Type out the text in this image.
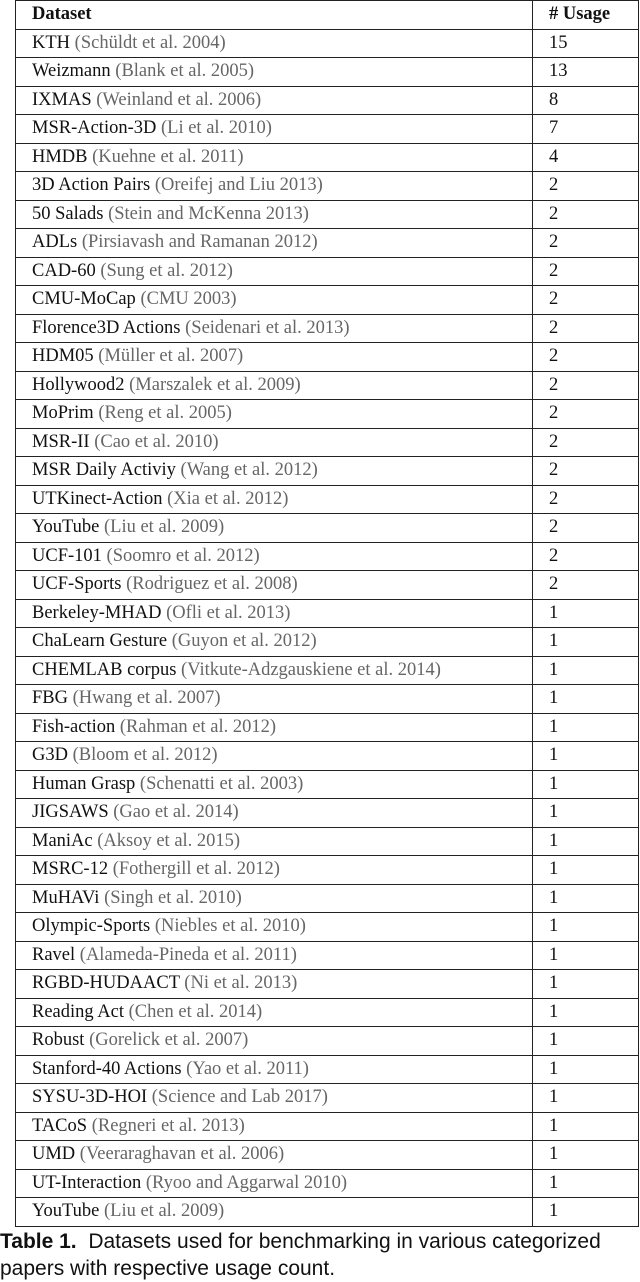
Dataset	# Usage
KTH (Schüldt et al. 2004)	15
Weizmann (Blank et al. 2005)	13
IXMAS (Weinland et al. 2006)	8
MSR-Action-3D (Li et al. 2010)	7
HMDB (Kuehne et al. 2011)	4
3D Action Pairs (Oreifej and Liu 2013)	2
50 Salads (Stein and McKenna 2013)	2
ADLs (Pirsiavash and Ramanan 2012)	2
CAD-60 (Sung et al. 2012)	2
CMU-MoCap (CMU 2003)	2
Florence3D Actions (Seidenari et al. 2013)	2
HDM05 (Müller et al. 2007)	2
Hollywood2 (Marszalek et al. 2009)	2
MoPrim (Reng et al. 2005)	2
MSR-II (Cao et al. 2010)	2
MSR Daily Activiy (Wang et al. 2012)	2
UTKinect-Action (Xia et al. 2012)	2
YouTube (Liu et al. 2009)	2
UCF-101 (Soomro et al. 2012)	2
UCF-Sports (Rodriguez et al. 2008)	2
Berkeley-MHAD (Ofli et al. 2013)	1
ChaLearn Gesture (Guyon et al. 2012)	1
CHEMLAB corpus (Vitkute-Adzgauskiene et al. 2014)	1
FBG (Hwang et al. 2007)	1
Fish-action (Rahman et al. 2012)	1
G3D (Bloom et al. 2012)	1
Human Grasp (Schenatti et al. 2003)	1
JIGSAWS (Gao et al. 2014)	1
ManiAc (Aksoy et al. 2015)	1
MSRC-12 (Fothergill et al. 2012)	1
MuHAVi (Singh et al. 2010)	1
Olympic-Sports (Niebles et al. 2010)	1
Ravel (Alameda-Pineda et al. 2011)	1
RGBD-HUDAACT (Ni et al. 2013)	1
Reading Act (Chen et al. 2014)	1
Robust (Gorelick et al. 2007)	1
Stanford-40 Actions (Yao et al. 2011)	1
SYSU-3D-HOI (Science and Lab 2017)	1
TACoS (Regneri et al. 2013)	1
UMD (Veeraraghavan et al. 2006)	1
UT-Interaction (Ryoo and Aggarwal 2010)	1
YouTube (Liu et al. 2009)	1

Table 1. Datasets used for benchmarking in various categorized papers with respective usage count.
